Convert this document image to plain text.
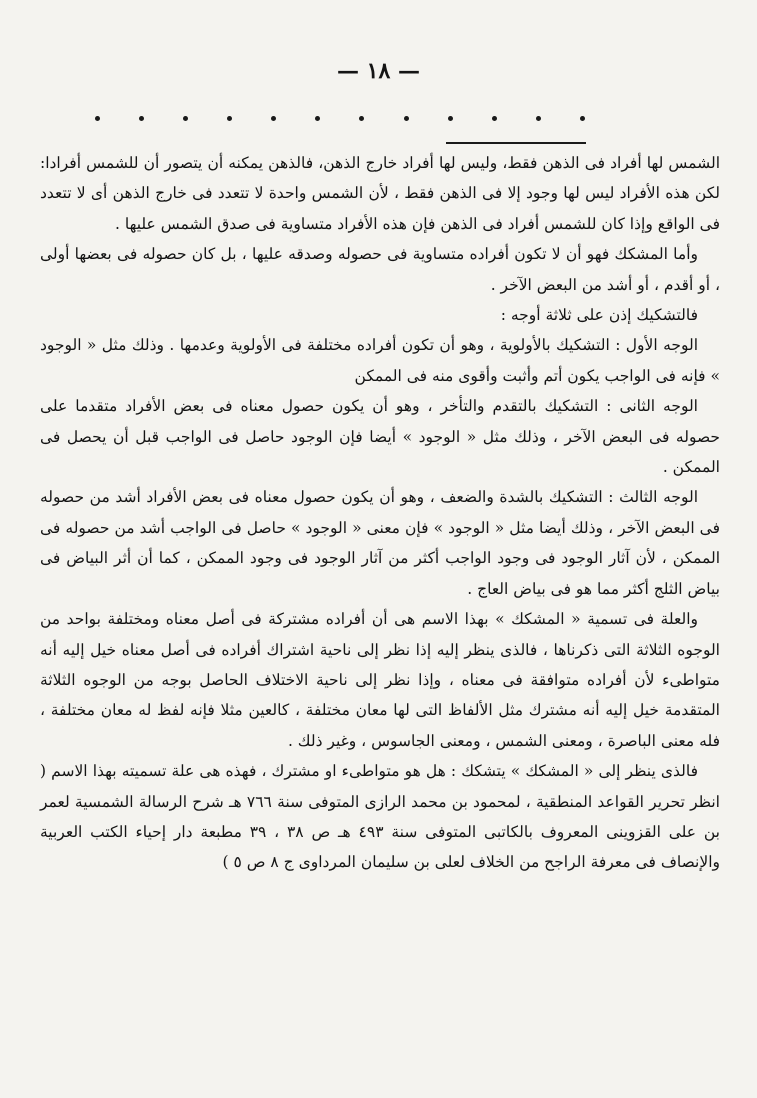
— ١٨ —

الشمس لها أفراد فى الذهن فقط، وليس لها أفراد خارج الذهن، فالذهن يمكنه أن يتصور أن للشمس أفرادا: لكن هذه الأفراد ليس لها وجود إلا فى الذهن فقط ، لأن الشمس واحدة لا تتعدد فى خارج الذهن أى لا تتعدد فى الواقع وإذا كان للشمس أفراد فى الذهن فإن هذه الأفراد متساوية فى صدق الشمس عليها .

وأما المشكك فهو أن لا تكون أفراده متساوية فى حصوله وصدقه عليها ، بل كان حصوله فى بعضها أولى ، أو أقدم ، أو أشد من البعض الآخر .

فالتشكيك إذن على ثلاثة أوجه :

الوجه الأول : التشكيك بالأولوية ، وهو أن تكون أفراده مختلفة فى الأولوية وعدمها . وذلك مثل « الوجود » فإنه فى الواجب يكون أتم وأثبت وأقوى منه فى الممكن

الوجه الثانى : التشكيك بالتقدم والتأخر ، وهو أن يكون حصول معناه فى بعض الأفراد متقدما على حصوله فى البعض الآخر ، وذلك مثل « الوجود » أيضا فإن الوجود حاصل فى الواجب قبل أن يحصل فى الممكن .

الوجه الثالث : التشكيك بالشدة والضعف ، وهو أن يكون حصول معناه فى بعض الأفراد أشد من حصوله فى البعض الآخر ، وذلك أيضا مثل « الوجود » فإن معنى « الوجود » حاصل فى الواجب أشد من حصوله فى الممكن ، لأن آثار الوجود فى وجود الواجب أكثر من آثار الوجود فى وجود الممكن ، كما أن أثر البياض فى بياض الثلج أكثر مما هو فى بياض العاج .

والعلة فى تسمية « المشكك » بهذا الاسم هى أن أفراده مشتركة فى أصل معناه ومختلفة بواحد من الوجوه الثلاثة التى ذكرناها ، فالذى ينظر إليه إذا نظر إلى ناحية اشتراك أفراده فى أصل معناه خيل إليه أنه متواطىء لأن أفراده متوافقة فى معناه ، وإذا نظر إلى ناحية الاختلاف الحاصل بوجه من الوجوه الثلاثة المتقدمة خيل إليه أنه مشترك مثل الألفاظ التى لها معان مختلفة ، كالعين مثلا فإنه لفظ له معان مختلفة ، فله معنى الباصرة ، ومعنى الشمس ، ومعنى الجاسوس ، وغير ذلك .

فالذى ينظر إلى « المشكك » يتشكك : هل هو متواطىء او مشترك ، فهذه هى علة تسميته بهذا الاسم ( انظر تحرير القواعد المنطقية ، لمحمود بن محمد الرازى المتوفى سنة ٧٦٦ هـ شرح الرسالة الشمسية لعمر بن على القزوينى المعروف بالكاتبى المتوفى سنة ٤٩٣ هـ ص ٣٨ ، ٣٩ مطبعة دار إحياء الكتب العربية والإنصاف فى معرفة الراجح من الخلاف لعلى بن سليمان المرداوى ج ٨ ص ٥ )
